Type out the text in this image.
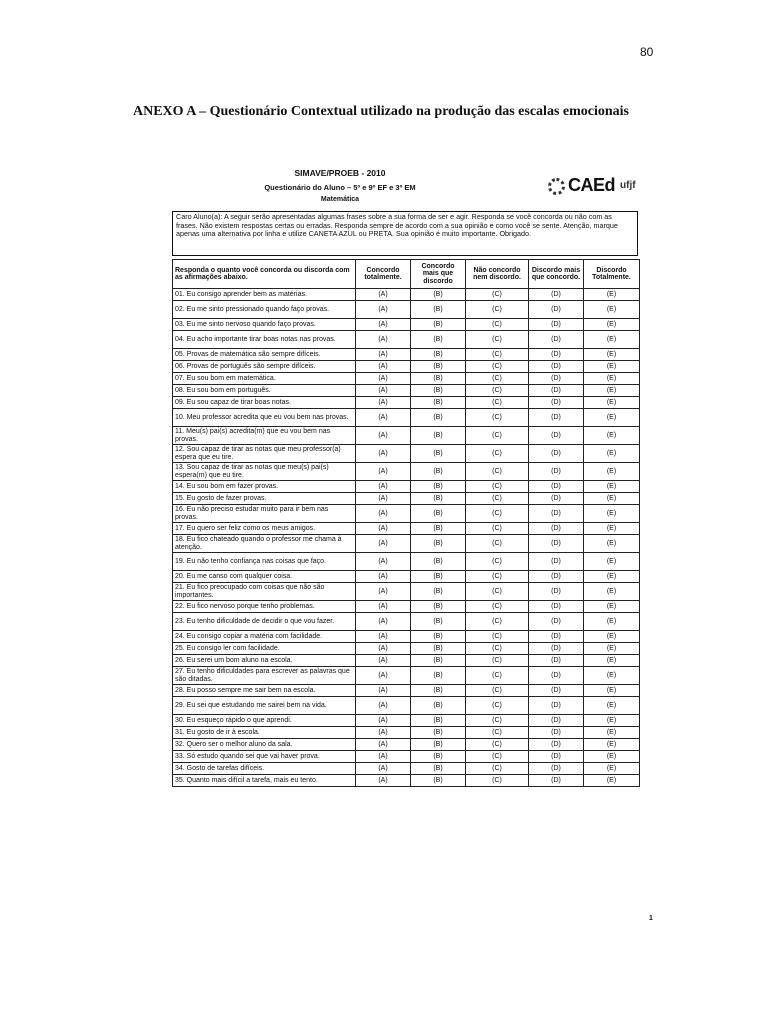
80
ANEXO A – Questionário Contextual utilizado na produção das escalas emocionais
SIMAVE/PROEB - 2010
Questionário do Aluno – 5º e 9º EF e 3º EM
Matemática
CAEd ufjf
Caro Aluno(a): A seguir serão apresentadas algumas frases sobre a sua forma de ser e agir. Responda se você concorda ou não com as frases. Não existem respostas certas ou erradas. Responda sempre de acordo com a sua opinião e como você se sente. Atenção, marque apenas uma alternativa por linha e utilize CANETA AZUL ou PRETA. Sua opinião é muito importante. Obrigado.
Responda o quanto você concorda ou discorda com as afirmações abaixo.	Concordo totalmente.	Concordo mais que discordo	Não concordo nem discordo.	Discordo mais que concordo.	Discordo Totalmente.
01. Eu consigo aprender bem as matérias.	(A)	(B)	(C)	(D)	(E)
02. Eu me sinto pressionado quando faço provas.	(A)	(B)	(C)	(D)	(E)
03. Eu me sinto nervoso quando faço provas.	(A)	(B)	(C)	(D)	(E)
04. Eu acho importante tirar boas notas nas provas.	(A)	(B)	(C)	(D)	(E)
05. Provas de matemática são sempre difíceis.	(A)	(B)	(C)	(D)	(E)
06. Provas de português são sempre difíceis.	(A)	(B)	(C)	(D)	(E)
07. Eu sou bom em matemática.	(A)	(B)	(C)	(D)	(E)
08. Eu sou bom em português.	(A)	(B)	(C)	(D)	(E)
09. Eu sou capaz de tirar boas notas.	(A)	(B)	(C)	(D)	(E)
10. Meu professor acredita que eu vou bem nas provas.	(A)	(B)	(C)	(D)	(E)
11. Meu(s) pai(s) acredita(m) que eu vou bem nas provas.	(A)	(B)	(C)	(D)	(E)
12. Sou capaz de tirar as notas que meu professor(a) espera que eu tire.	(A)	(B)	(C)	(D)	(E)
13. Sou capaz de tirar as notas que meu(s) pai(s) espera(m) que eu tire.	(A)	(B)	(C)	(D)	(E)
14. Eu sou bom em fazer provas.	(A)	(B)	(C)	(D)	(E)
15. Eu gosto de fazer provas.	(A)	(B)	(C)	(D)	(E)
16. Eu não preciso estudar muito para ir bem nas provas.	(A)	(B)	(C)	(D)	(E)
17. Eu quero ser feliz como os meus amigos.	(A)	(B)	(C)	(D)	(E)
18. Eu fico chateado quando o professor me chama à atenção.	(A)	(B)	(C)	(D)	(E)
19. Eu não tenho confiança nas coisas que faço.	(A)	(B)	(C)	(D)	(E)
20. Eu me canso com qualquer coisa.	(A)	(B)	(C)	(D)	(E)
21. Eu fico preocupado com coisas que não são importantes.	(A)	(B)	(C)	(D)	(E)
22. Eu fico nervoso porque tenho problemas.	(A)	(B)	(C)	(D)	(E)
23. Eu tenho dificuldade de decidir o que vou fazer.	(A)	(B)	(C)	(D)	(E)
24. Eu consigo copiar a matéria com facilidade.	(A)	(B)	(C)	(D)	(E)
25. Eu consigo ler com facilidade.	(A)	(B)	(C)	(D)	(E)
26. Eu serei um bom aluno na escola.	(A)	(B)	(C)	(D)	(E)
27. Eu tenho dificuldades para escrever as palavras que são ditadas.	(A)	(B)	(C)	(D)	(E)
28. Eu posso sempre me sair bem na escola.	(A)	(B)	(C)	(D)	(E)
29. Eu sei que estudando me sairei bem na vida.	(A)	(B)	(C)	(D)	(E)
30. Eu esqueço rápido o que aprendi.	(A)	(B)	(C)	(D)	(E)
31. Eu gosto de ir à escola.	(A)	(B)	(C)	(D)	(E)
32. Quero ser o melhor aluno da sala.	(A)	(B)	(C)	(D)	(E)
33. Só estudo quando sei que vai haver prova.	(A)	(B)	(C)	(D)	(E)
34. Gosto de tarefas difíceis.	(A)	(B)	(C)	(D)	(E)
35. Quanto mais difícil a tarefa, mais eu tento.	(A)	(B)	(C)	(D)	(E)
1
